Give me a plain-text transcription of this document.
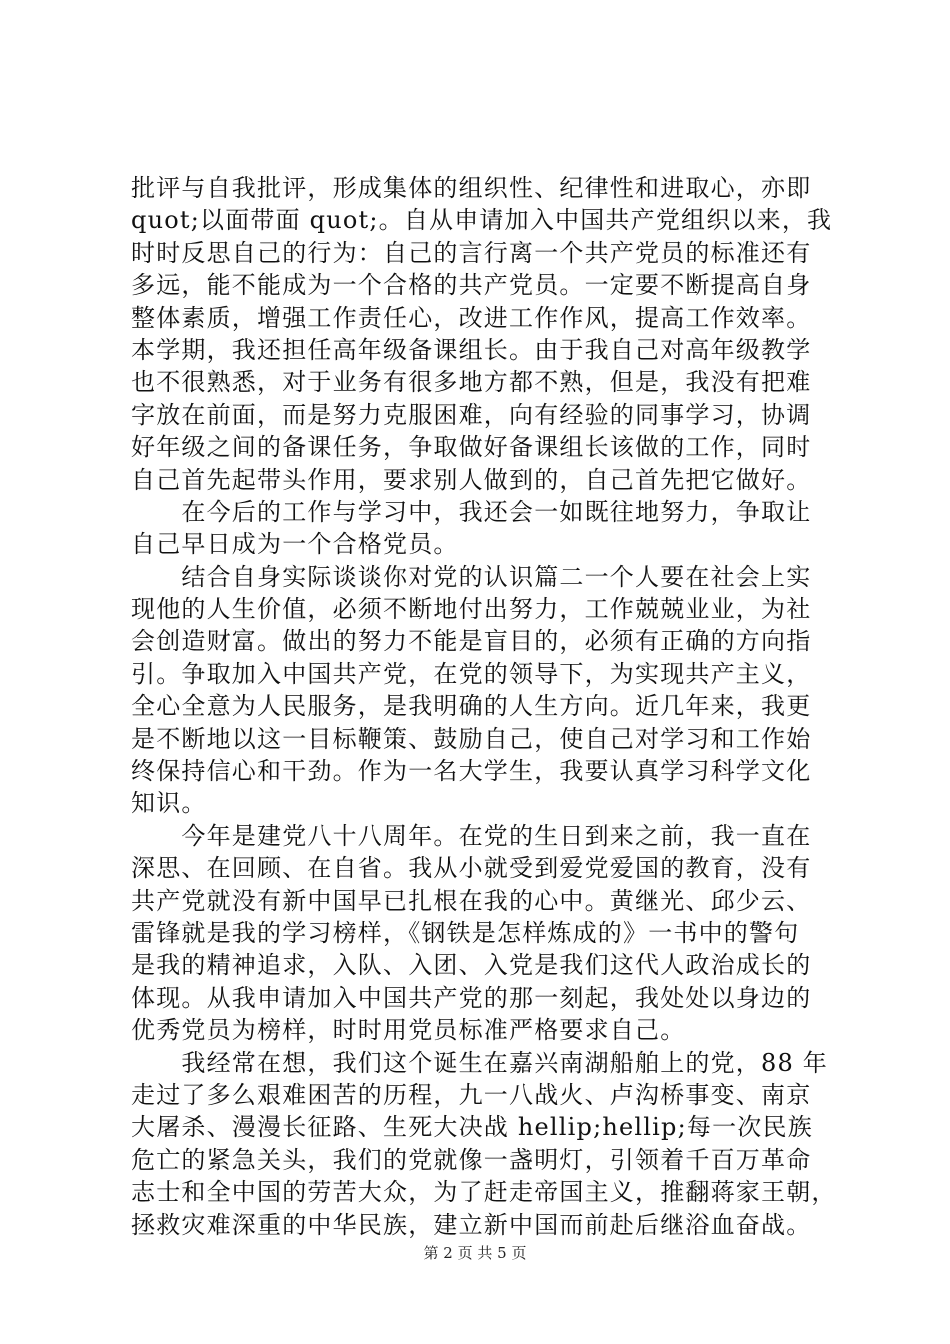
批评与自我批评，形成集体的组织性、纪律性和进取心，亦即
quot;以面带面 quot;。自从申请加入中国共产党组织以来，我
时时反思自己的行为：自己的言行离一个共产党员的标准还有
多远，能不能成为一个合格的共产党员。一定要不断提高自身
整体素质，增强工作责任心，改进工作作风，提高工作效率。
本学期，我还担任高年级备课组长。由于我自己对高年级教学
也不很熟悉，对于业务有很多地方都不熟，但是，我没有把难
字放在前面，而是努力克服困难，向有经验的同事学习，协调
好年级之间的备课任务，争取做好备课组长该做的工作，同时
自己首先起带头作用，要求别人做到的，自己首先把它做好。
　　在今后的工作与学习中，我还会一如既往地努力，争取让
自己早日成为一个合格党员。
　　结合自身实际谈谈你对党的认识篇二一个人要在社会上实
现他的人生价值，必须不断地付出努力，工作兢兢业业，为社
会创造财富。做出的努力不能是盲目的，必须有正确的方向指
引。争取加入中国共产党，在党的领导下，为实现共产主义，
全心全意为人民服务，是我明确的人生方向。近几年来，我更
是不断地以这一目标鞭策、鼓励自己，使自己对学习和工作始
终保持信心和干劲。作为一名大学生，我要认真学习科学文化
知识。
　　今年是建党八十八周年。在党的生日到来之前，我一直在
深思、在回顾、在自省。我从小就受到爱党爱国的教育，没有
共产党就没有新中国早已扎根在我的心中。黄继光、邱少云、
雷锋就是我的学习榜样，《钢铁是怎样炼成的》一书中的警句
是我的精神追求，入队、入团、入党是我们这代人政治成长的
体现。从我申请加入中国共产党的那一刻起，我处处以身边的
优秀党员为榜样，时时用党员标准严格要求自己。
　　我经常在想，我们这个诞生在嘉兴南湖船舶上的党，88 年
走过了多么艰难困苦的历程，九一八战火、卢沟桥事变、南京
大屠杀、漫漫长征路、生死大决战 hellip;hellip;每一次民族
危亡的紧急关头，我们的党就像一盏明灯，引领着千百万革命
志士和全中国的劳苦大众，为了赶走帝国主义，推翻蒋家王朝，
拯救灾难深重的中华民族，建立新中国而前赴后继浴血奋战。
第 2 页 共 5 页
